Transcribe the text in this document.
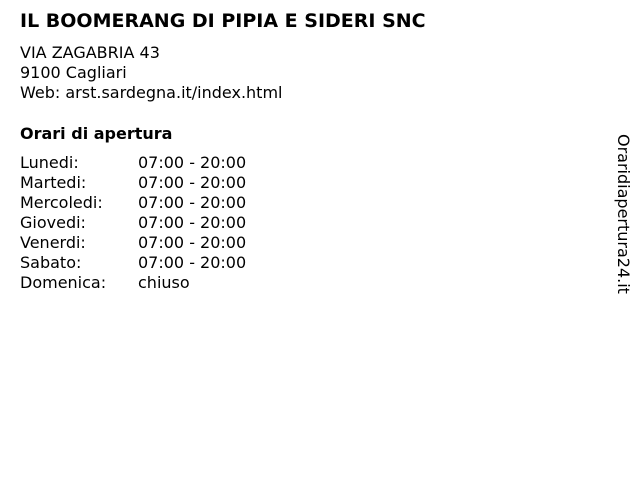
IL BOOMERANG DI PIPIA E SIDERI SNC
VIA ZAGABRIA 43
9100 Cagliari
Web: arst.sardegna.it/index.html
Orari di apertura
Lunedi:	07:00 - 20:00
Martedi:	07:00 - 20:00
Mercoledi: 07:00 - 20:00
Giovedi:	07:00 - 20:00
Venerdi:	07:00 - 20:00
Sabato:	07:00 - 20:00
Domenica: chiuso	Oraridiapertura24.it
